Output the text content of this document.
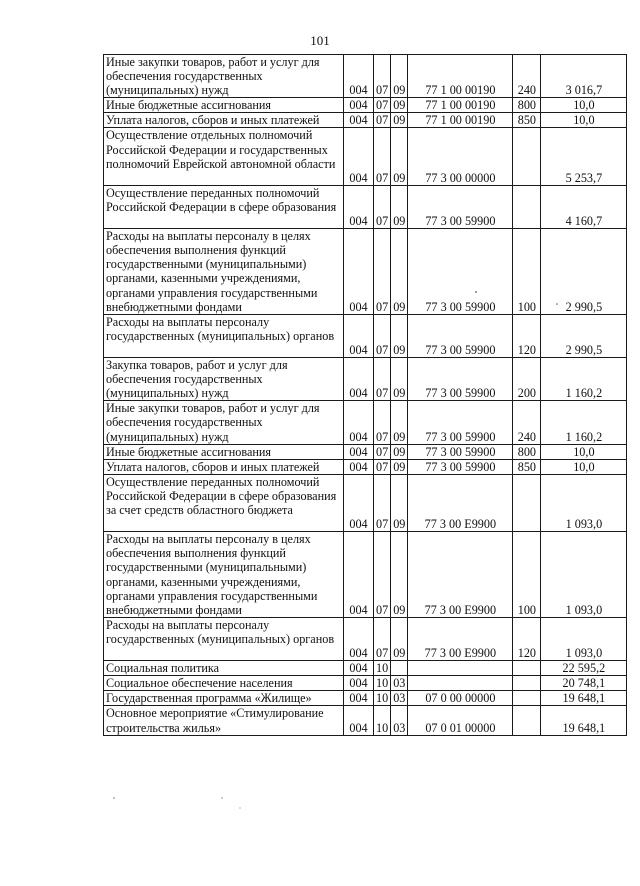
101
Иные закупки товаров, работ и услуг для обеспечения государственных (муниципальных) нужд	004	07	09	77 1 00 00190	240	3 016,7
Иные бюджетные ассигнования	004	07	09	77 1 00 00190	800	10,0
Уплата налогов, сборов и иных платежей	004	07	09	77 1 00 00190	850	10,0
Осуществление отдельных полномочий Российской Федерации и государственных полномочий Еврейской автономной области	004	07	09	77 3 00 00000		5 253,7
Осуществление переданных полномочий Российской Федерации в сфере образования	004	07	09	77 3 00 59900		4 160,7
Расходы на выплаты персоналу в целях обеспечения выполнения функций государственными (муниципальными) органами, казенными учреждениями, органами управления государственными внебюджетными фондами	004	07	09	77 3 00 59900	100	2 990,5
Расходы на выплаты персоналу государственных (муниципальных) органов	004	07	09	77 3 00 59900	120	2 990,5
Закупка товаров, работ и услуг для обеспечения государственных (муниципальных) нужд	004	07	09	77 3 00 59900	200	1 160,2
Иные закупки товаров, работ и услуг для обеспечения государственных (муниципальных) нужд	004	07	09	77 3 00 59900	240	1 160,2
Иные бюджетные ассигнования	004	07	09	77 3 00 59900	800	10,0
Уплата налогов, сборов и иных платежей	004	07	09	77 3 00 59900	850	10,0
Осуществление переданных полномочий Российской Федерации в сфере образования за счет средств областного бюджета	004	07	09	77 3 00 Е9900		1 093,0
Расходы на выплаты персоналу в целях обеспечения выполнения функций государственными (муниципальными) органами, казенными учреждениями, органами управления государственными внебюджетными фондами	004	07	09	77 3 00 Е9900	100	1 093,0
Расходы на выплаты персоналу государственных (муниципальных) органов	004	07	09	77 3 00 Е9900	120	1 093,0
Социальная политика	004	10				22 595,2
Социальное обеспечение населения	004	10	03			20 748,1
Государственная программа «Жилище»	004	10	03	07 0 00 00000		19 648,1
Основное мероприятие «Стимулирование строительства жилья»	004	10	03	07 0 01 00000		19 648,1
